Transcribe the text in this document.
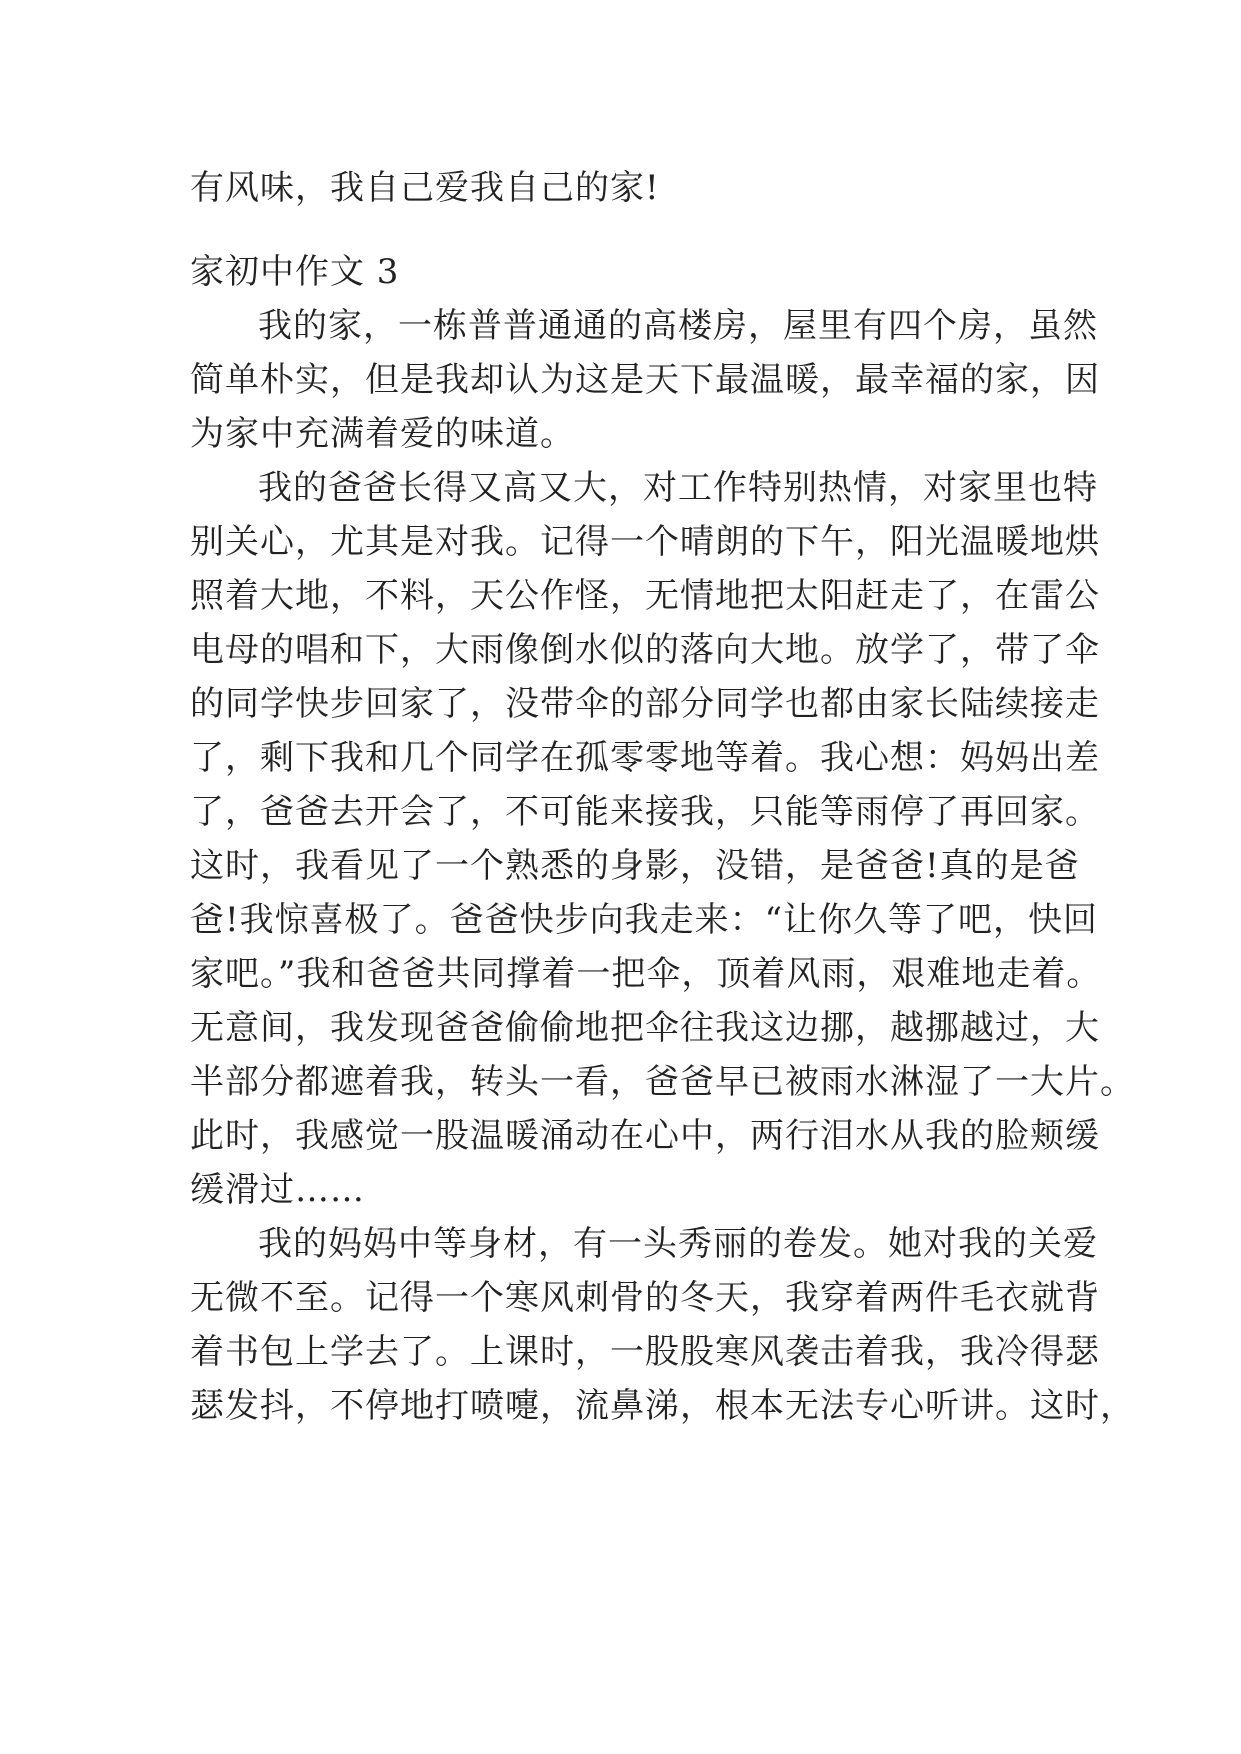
有风味，我自己爱我自己的家!
家初中作文 3
我的家，一栋普普通通的高楼房，屋里有四个房，虽然
简单朴实，但是我却认为这是天下最温暖，最幸福的家，因
为家中充满着爱的味道。
我的爸爸长得又高又大，对工作特别热情，对家里也特
别关心，尤其是对我。记得一个晴朗的下午，阳光温暖地烘
照着大地，不料，天公作怪，无情地把太阳赶走了，在雷公
电母的唱和下，大雨像倒水似的落向大地。放学了，带了伞
的同学快步回家了，没带伞的部分同学也都由家长陆续接走
了，剩下我和几个同学在孤零零地等着。我心想：妈妈出差
了，爸爸去开会了，不可能来接我，只能等雨停了再回家。
这时，我看见了一个熟悉的身影，没错，是爸爸!真的是爸
爸!我惊喜极了。爸爸快步向我走来：“让你久等了吧，快回
家吧。”我和爸爸共同撑着一把伞，顶着风雨，艰难地走着。
无意间，我发现爸爸偷偷地把伞往我这边挪，越挪越过，大
半部分都遮着我，转头一看，爸爸早已被雨水淋湿了一大片。
此时，我感觉一股温暖涌动在心中，两行泪水从我的脸颊缓
缓滑过……
我的妈妈中等身材，有一头秀丽的卷发。她对我的关爱
无微不至。记得一个寒风刺骨的冬天，我穿着两件毛衣就背
着书包上学去了。上课时，一股股寒风袭击着我，我冷得瑟
瑟发抖，不停地打喷嚏，流鼻涕，根本无法专心听讲。这时，
